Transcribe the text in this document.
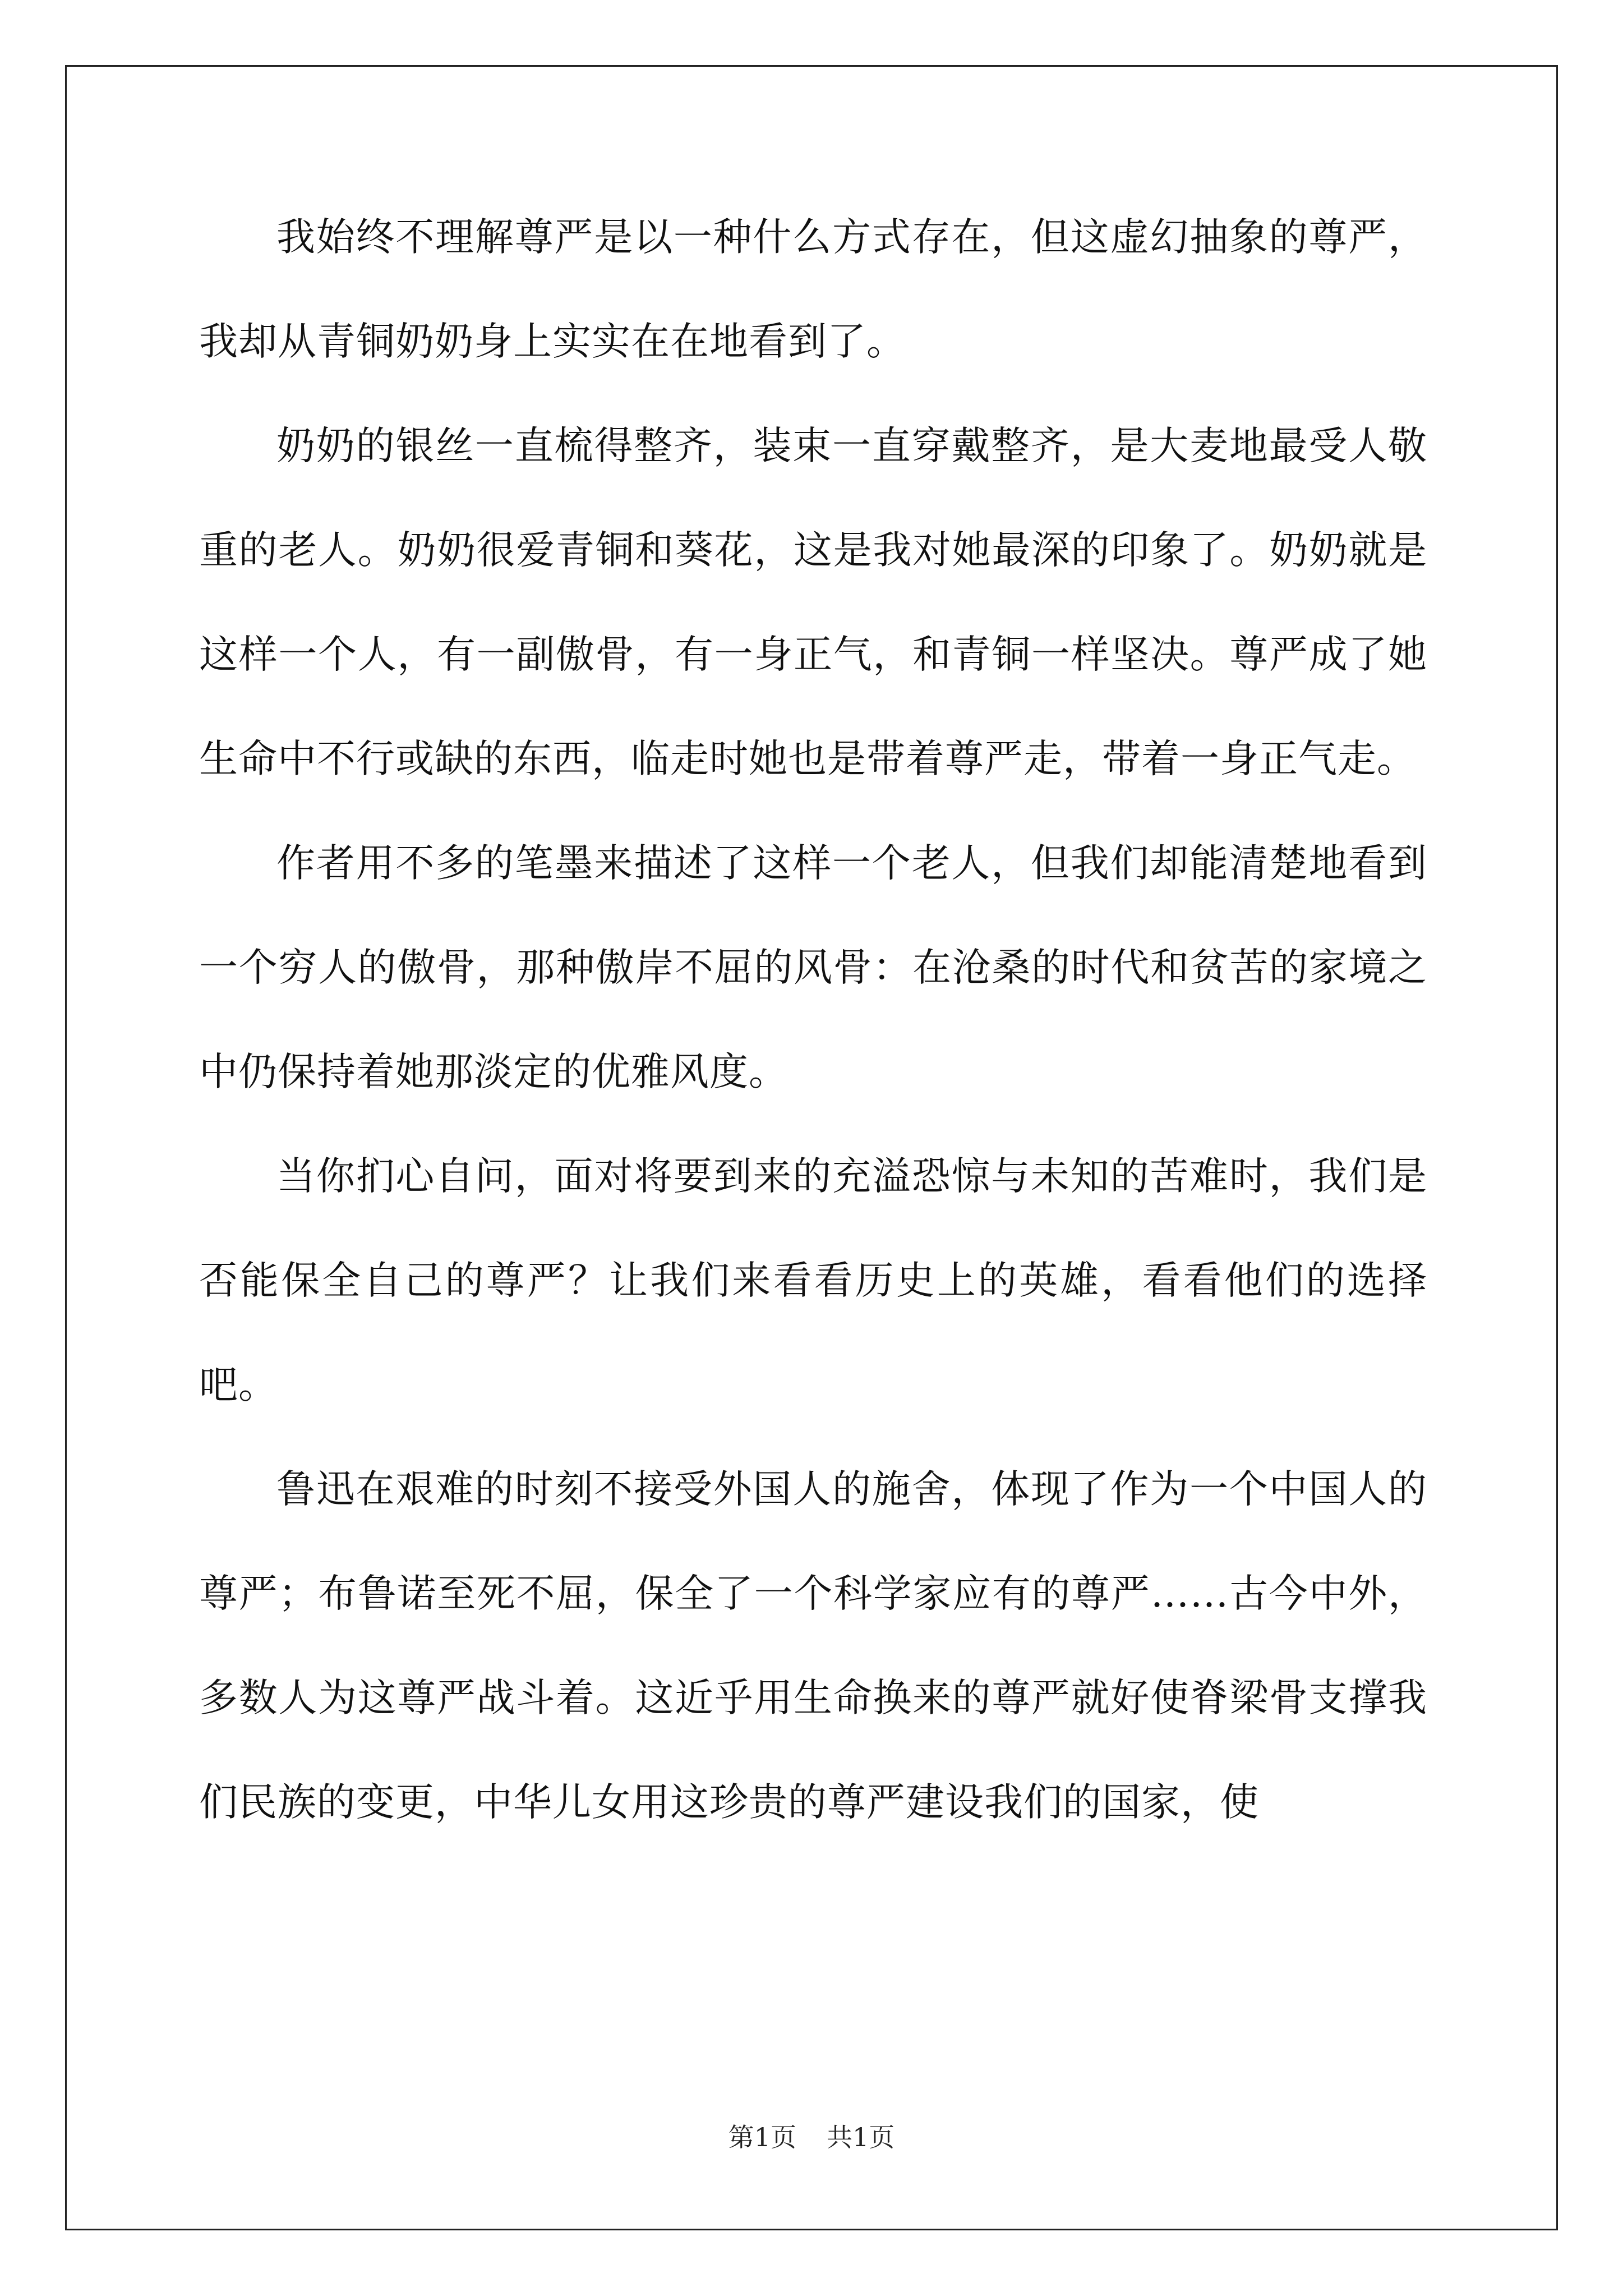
我始终不理解尊严是以一种什么方式存在，但这虚幻抽象的尊严，我却从青铜奶奶身上实实在在地看到了。

奶奶的银丝一直梳得整齐，装束一直穿戴整齐，是大麦地最受人敬重的老人。奶奶很爱青铜和葵花，这是我对她最深的印象了。奶奶就是这样一个人，有一副傲骨，有一身正气，和青铜一样坚决。尊严成了她生命中不行或缺的东西，临走时她也是带着尊严走，带着一身正气走。

作者用不多的笔墨来描述了这样一个老人，但我们却能清楚地看到一个穷人的傲骨，那种傲岸不屈的风骨：在沧桑的时代和贫苦的家境之中仍保持着她那淡定的优雅风度。

当你扪心自问，面对将要到来的充溢恐惊与未知的苦难时，我们是否能保全自己的尊严？让我们来看看历史上的英雄，看看他们的选择吧。

鲁迅在艰难的时刻不接受外国人的施舍，体现了作为一个中国人的尊严；布鲁诺至死不屈，保全了一个科学家应有的尊严……古今中外，多数人为这尊严战斗着。这近乎用生命换来的尊严就好使脊梁骨支撑我们民族的变更，中华儿女用这珍贵的尊严建设我们的国家，使

第1页 共1页
